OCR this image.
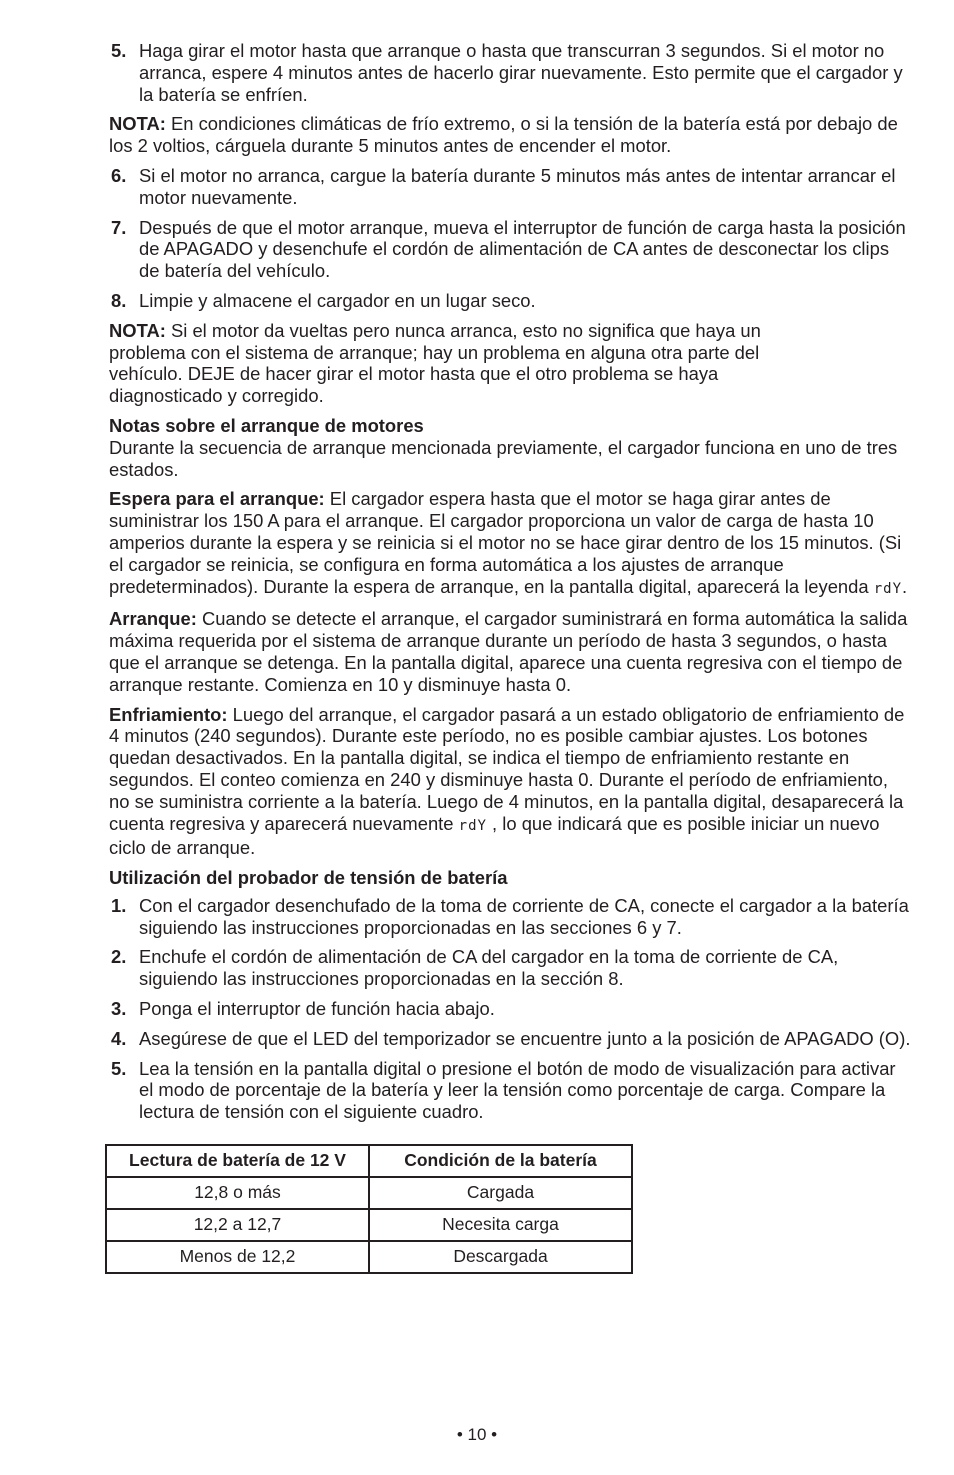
5. Haga girar el motor hasta que arranque o hasta que transcurran 3 segundos. Si el motor no arranca, espere 4 minutos antes de hacerlo girar nuevamente. Esto permite que el cargador y la batería se enfríen.

NOTA: En condiciones climáticas de frío extremo, o si la tensión de la batería está por debajo de los 2 voltios, cárguela durante 5 minutos antes de encender el motor.

6. Si el motor no arranca, cargue la batería durante 5 minutos más antes de intentar arrancar el motor nuevamente.
7. Después de que el motor arranque, mueva el interruptor de función de carga hasta la posición de APAGADO y desenchufe el cordón de alimentación de CA antes de desconectar los clips de batería del vehículo.
8. Limpie y almacene el cargador en un lugar seco.

NOTA: Si el motor da vueltas pero nunca arranca, esto no significa que haya un problema con el sistema de arranque; hay un problema en alguna otra parte del vehículo. DEJE de hacer girar el motor hasta que el otro problema se haya diagnosticado y corregido.

Notas sobre el arranque de motores
Durante la secuencia de arranque mencionada previamente, el cargador funciona en uno de tres estados.

Espera para el arranque: El cargador espera hasta que el motor se haga girar antes de suministrar los 150 A para el arranque. El cargador proporciona un valor de carga de hasta 10 amperios durante la espera y se reinicia si el motor no se hace girar dentro de los 15 minutos. (Si el cargador se reinicia, se configura en forma automática a los ajustes de arranque predeterminados). Durante la espera de arranque, en la pantalla digital, aparecerá la leyenda rdY.

Arranque: Cuando se detecte el arranque, el cargador suministrará en forma automática la salida máxima requerida por el sistema de arranque durante un período de hasta 3 segundos, o hasta que el arranque se detenga. En la pantalla digital, aparece una cuenta regresiva con el tiempo de arranque restante. Comienza en 10 y disminuye hasta 0.

Enfriamiento: Luego del arranque, el cargador pasará a un estado obligatorio de enfriamiento de 4 minutos (240 segundos). Durante este período, no es posible cambiar ajustes. Los botones quedan desactivados. En la pantalla digital, se indica el tiempo de enfriamiento restante en segundos. El conteo comienza en 240 y disminuye hasta 0. Durante el período de enfriamiento, no se suministra corriente a la batería. Luego de 4 minutos, en la pantalla digital, desaparecerá la cuenta regresiva y aparecerá nuevamente rdY , lo que indicará que es posible iniciar un nuevo ciclo de arranque.

Utilización del probador de tensión de batería

1. Con el cargador desenchufado de la toma de corriente de CA, conecte el cargador a la batería siguiendo las instrucciones proporcionadas en las secciones 6 y 7.
2. Enchufe el cordón de alimentación de CA del cargador en la toma de corriente de CA, siguiendo las instrucciones proporcionadas en la sección 8.
3. Ponga el interruptor de función hacia abajo.
4. Asegúrese de que el LED del temporizador se encuentre junto a la posición de APAGADO (O).
5. Lea la tensión en la pantalla digital o presione el botón de modo de visualización para activar el modo de porcentaje de la batería y leer la tensión como porcentaje de carga. Compare la lectura de tensión con el siguiente cuadro.
Lectura de batería de 12 V	Condición de la batería
12,8 o más	Cargada
12,2 a 12,7	Necesita carga
Menos de 12,2	Descargada
• 10 •
